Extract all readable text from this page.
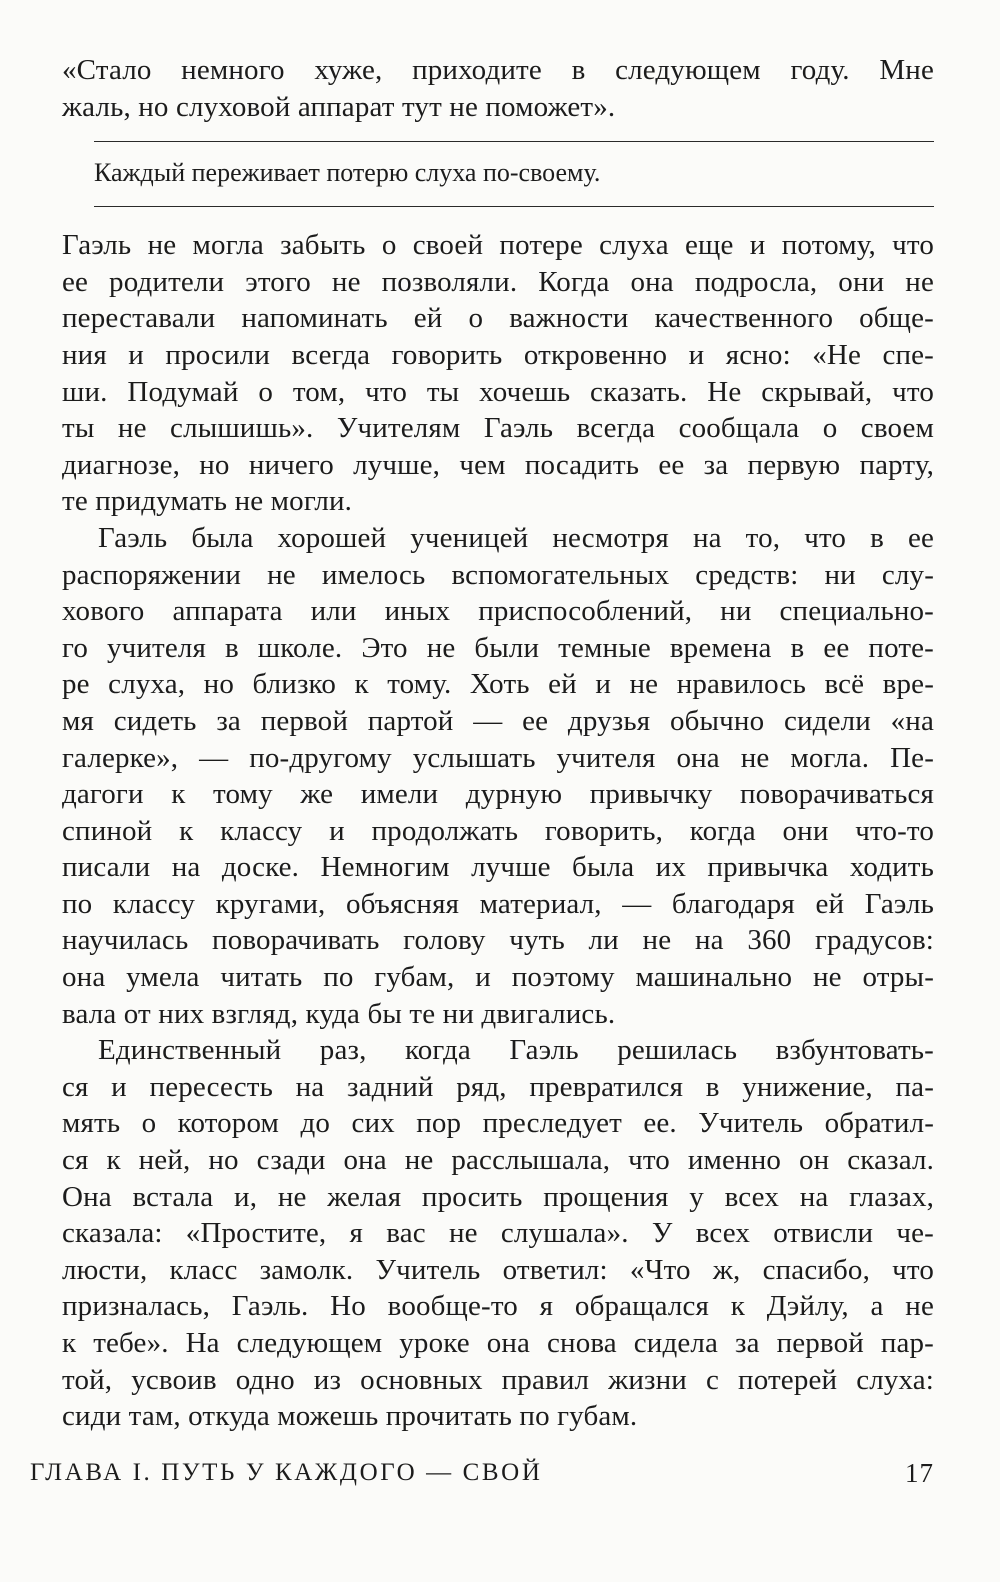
«Стало немного хуже, приходите в следующем году. Мне
жаль, но слуховой аппарат тут не поможет».
Каждый переживает потерю слуха по-своему.
Гаэль не могла забыть о своей потере слуха еще и потому, что
ее родители этого не позволяли. Когда она подросла, они не
переставали напоминать ей о важности качественного обще-
ния и просили всегда говорить откровенно и ясно: «Не спе-
ши. Подумай о том, что ты хочешь сказать. Не скрывай, что
ты не слышишь». Учителям Гаэль всегда сообщала о своем
диагнозе, но ничего лучше, чем посадить ее за первую парту,
те придумать не могли.
Гаэль была хорошей ученицей несмотря на то, что в ее
распоряжении не имелось вспомогательных средств: ни слу-
хового аппарата или иных приспособлений, ни специально-
го учителя в школе. Это не были темные времена в ее поте-
ре слуха, но близко к тому. Хоть ей и не нравилось всё вре-
мя сидеть за первой партой — ее друзья обычно сидели «на
галерке», — по-другому услышать учителя она не могла. Пе-
дагоги к тому же имели дурную привычку поворачиваться
спиной к классу и продолжать говорить, когда они что-то
писали на доске. Немногим лучше была их привычка ходить
по классу кругами, объясняя материал, — благодаря ей Гаэль
научилась поворачивать голову чуть ли не на 360 градусов:
она умела читать по губам, и поэтому машинально не отры-
вала от них взгляд, куда бы те ни двигались.
Единственный раз, когда Гаэль решилась взбунтовать-
ся и пересесть на задний ряд, превратился в унижение, па-
мять о котором до сих пор преследует ее. Учитель обратил-
ся к ней, но сзади она не расслышала, что именно он сказал.
Она встала и, не желая просить прощения у всех на глазах,
сказала: «Простите, я вас не слушала». У всех отвисли че-
люсти, класс замолк. Учитель ответил: «Что ж, спасибо, что
призналась, Гаэль. Но вообще-то я обращался к Дэйлу, а не
к тебе». На следующем уроке она снова сидела за первой пар-
той, усвоив одно из основных правил жизни с потерей слуха:
сиди там, откуда можешь прочитать по губам.
ГЛАВА I. ПУТЬ У КАЖДОГО — СВОЙ	17
